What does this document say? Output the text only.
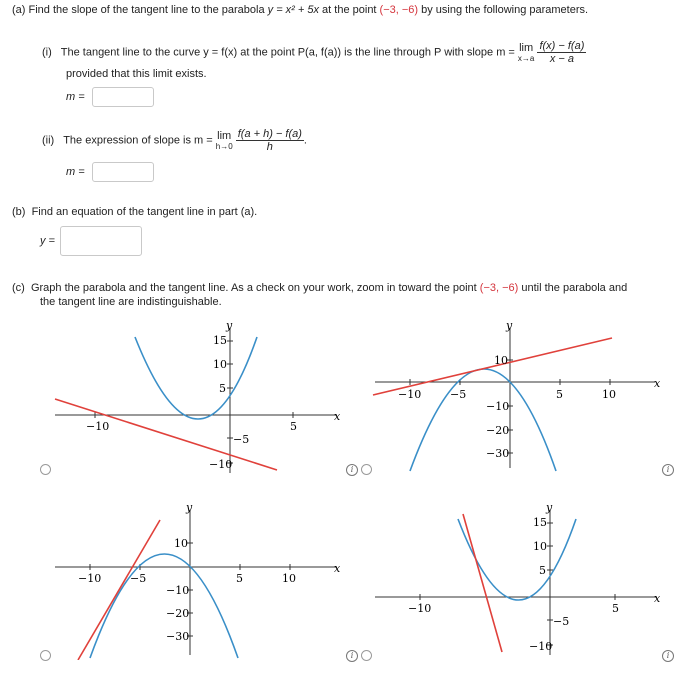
(a) Find the slope of the tangent line to the parabola y = x² + 5x at the point (−3, −6) by using the following parameters.
(i) The tangent line to the curve y = f(x) at the point P(a, f(a)) is the line through P with slope m = lim
x→a
$\frac{f(x) - f(a)}{x - a}$
provided that this limit exists.
m =
(ii) The expression of slope is m = lim
h→0
$\frac{f(a + h) - f(a)}{h}$ .
m =
(b) Find an equation of the tangent line in part (a).
y =
(c) Graph the parabola and the tangent line. As a check on your work, zoom in toward the point (−3, −6) until the parabola and
the tangent line are indistinguishable.
−10	5
15
10
5
−5
−10
x
y
−10	−5	5	10
10
−10
−20
−30
x
y
−10	−5	5	10
10
−10
−20
−30
x
y
−10	5
15
10
5
−5
−10
x
y
i	i
i	i
